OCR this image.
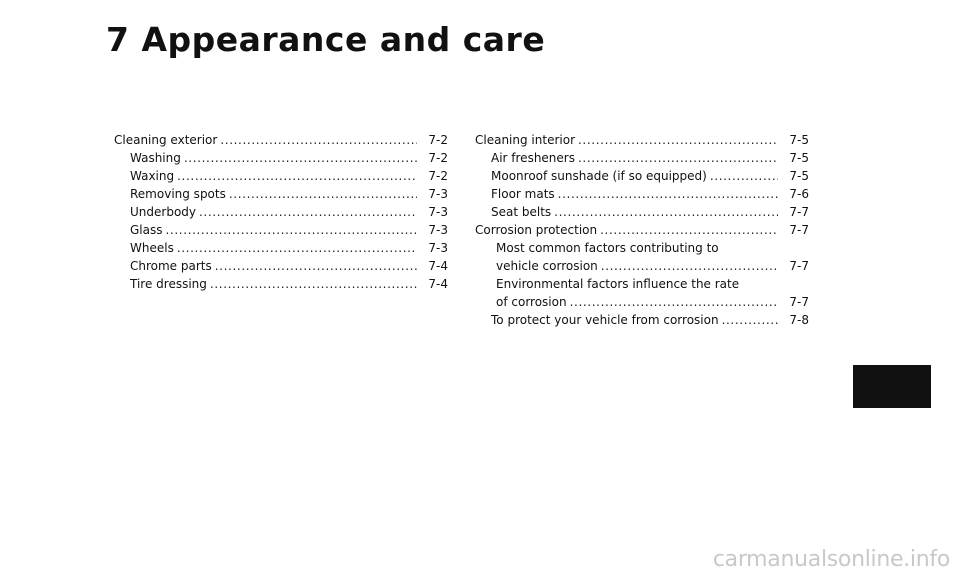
7 Appearance and care
Cleaning exterior . . .	7-2
Washing . . .	7-2
Waxing . . .	7-2
Removing spots . . .	7-3
Underbody . . .	7-3
Glass . . .	7-3
Wheels . . .	7-3
Chrome parts . . .	7-4
Tire dressing . . .	7-4
Cleaning interior . . .	7-5
Air fresheners . . .	7-5
Moonroof sunshade (if so equipped) . . .	7-5
Floor mats . . .	7-6
Seat belts . . .	7-7
Corrosion protection . . .	7-7
Most common factors contributing to
vehicle corrosion . . .	7-7
Environmental factors influence the rate
of corrosion . . .	7-7
To protect your vehicle from corrosion . . .	7-8
carmanualsonline.info
